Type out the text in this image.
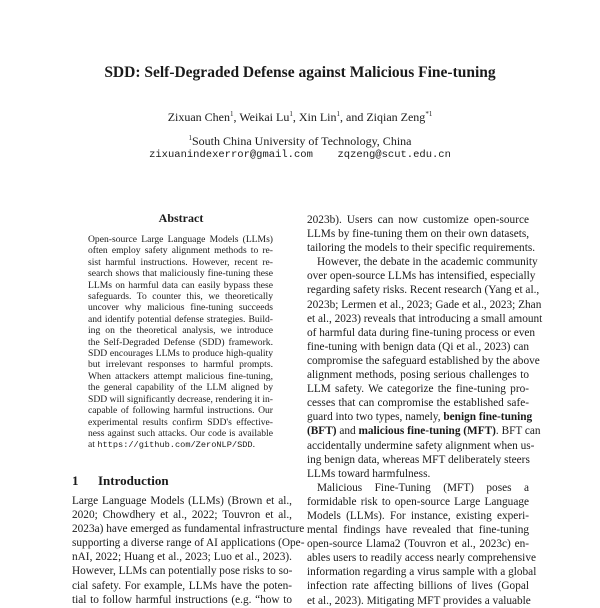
SDD: Self-Degraded Defense against Malicious Fine-tuning
Zixuan Chen$^1$, Weikai Lu$^1$, Xin Lin$^1$, and Ziqian Zeng$^{*1}$
$^1$South China University of Technology, China
zixuanindexerror@gmail.com  zqzeng@scut.edu.cn
Abstract
Open-source Large Language Models (LLMs)
often employ safety alignment methods to re-
sist harmful instructions. However, recent re-
search shows that maliciously fine-tuning these
LLMs on harmful data can easily bypass these
safeguards. To counter this, we theoretically
uncover why malicious fine-tuning succeeds
and identify potential defense strategies. Build-
ing on the theoretical analysis, we introduce
the Self-Degraded Defense (SDD) framework.
SDD encourages LLMs to produce high-quality
but irrelevant responses to harmful prompts.
When attackers attempt malicious fine-tuning,
the general capability of the LLM aligned by
SDD will significantly decrease, rendering it in-
capable of following harmful instructions. Our
experimental results confirm SDD's effective-
ness against such attacks. Our code is available
at https://github.com/ZeroNLP/SDD.
1 Introduction
Large Language Models (LLMs) (Brown et al.,
2020; Chowdhery et al., 2022; Touvron et al.,
2023a) have emerged as fundamental infrastructure
supporting a diverse range of AI applications (Ope-
nAI, 2022; Huang et al., 2023; Luo et al., 2023).
However, LLMs can potentially pose risks to so-
cial safety. For example, LLMs have the poten-
tial to follow harmful instructions (e.g. “how to
2023b). Users can now customize open-source
LLMs by fine-tuning them on their own datasets,
tailoring the models to their specific requirements.
However, the debate in the academic community
over open-source LLMs has intensified, especially
regarding safety risks. Recent research (Yang et al.,
2023b; Lermen et al., 2023; Gade et al., 2023; Zhan
et al., 2023) reveals that introducing a small amount
of harmful data during fine-tuning process or even
fine-tuning with benign data (Qi et al., 2023) can
compromise the safeguard established by the above
alignment methods, posing serious challenges to
LLM safety. We categorize the fine-tuning pro-
cesses that can compromise the established safe-
guard into two types, namely, benign fine-tuning
(BFT) and malicious fine-tuning (MFT). BFT can
accidentally undermine safety alignment when us-
ing benign data, whereas MFT deliberately steers
LLMs toward harmfulness.
Malicious Fine-Tuning (MFT) poses a
formidable risk to open-source Large Language
Models (LLMs). For instance, existing experi-
mental findings have revealed that fine-tuning
open-source Llama2 (Touvron et al., 2023c) en-
ables users to readily access nearly comprehensive
information regarding a virus sample with a global
infection rate affecting billions of lives (Gopal
et al., 2023). Mitigating MFT provides a valuable
